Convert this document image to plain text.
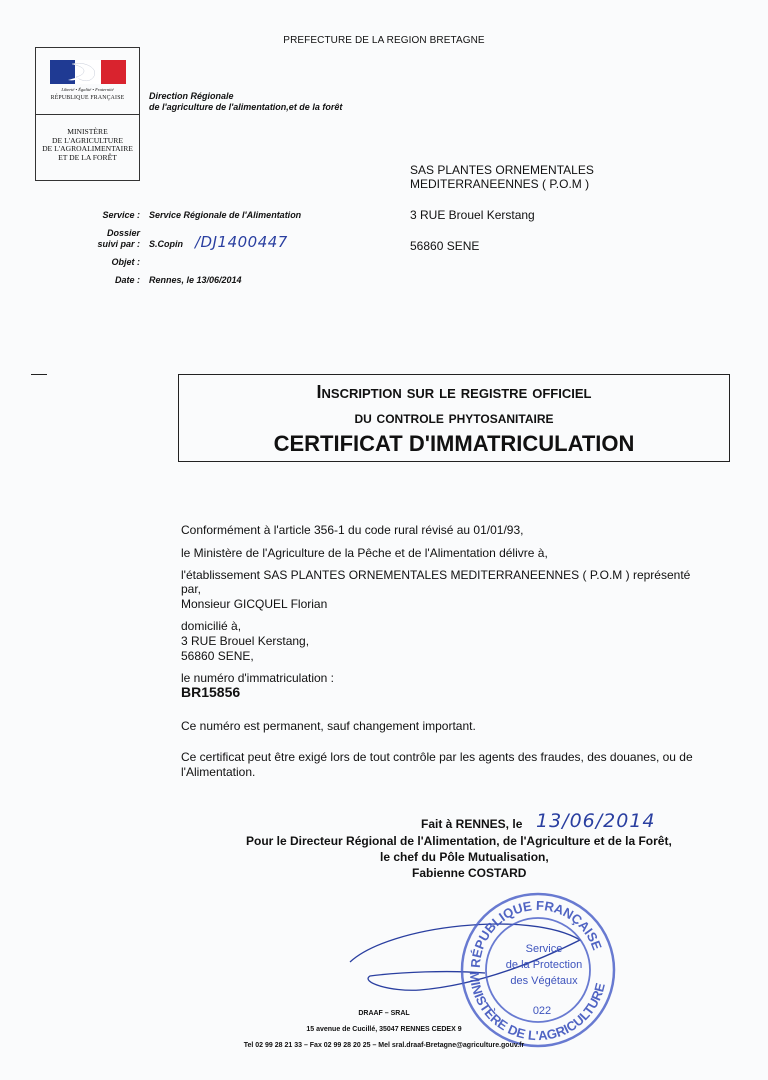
PREFECTURE DE LA REGION BRETAGNE
Liberté • Égalité • Fraternité
RÉPUBLIQUE FRANÇAISE
MINISTÈRE
DE L'AGRICULTURE
DE L'AGROALIMENTAIRE
ET DE LA FORÊT
Direction Régionale
de l'agriculture de l'alimentation,et de la forêt
SAS PLANTES ORNEMENTALES
MEDITERRANEENNES ( P.O.M )
3 RUE Brouel Kerstang
56860 SENE
Service : Service Régionale de l'Alimentation
Dossier
suivi par : S.Copin /DJ1400447
Objet :
Date : Rennes, le 13/06/2014
Inscription sur le registre officiel
du controle phytosanitaire
CERTIFICAT D'IMMATRICULATION
Conformément à l'article 356-1 du code rural révisé au 01/01/93,
le Ministère de l'Agriculture de la Pêche et de l'Alimentation délivre à,
l'établissement SAS PLANTES ORNEMENTALES MEDITERRANEENNES ( P.O.M ) représenté
par,
Monsieur GICQUEL Florian
domicilié à,
3 RUE Brouel Kerstang,
56860 SENE,
le numéro d'immatriculation :
BR15856
Ce numéro est permanent, sauf changement important.
Ce certificat peut être exigé lors de tout contrôle par les agents des fraudes, des douanes, ou de
l'Alimentation.
Fait à RENNES, le 13/06/2014
Pour le Directeur Régional de l'Alimentation, de l'Agriculture et de la Forêt,
le chef du Pôle Mutualisation,
Fabienne COSTARD
RÉPUBLIQUE FRANÇAISE
MINISTÈRE DE L'AGRICULTURE
Service
de la Protection
des Végétaux
022
DRAAF – SRAL
15 avenue de Cucillé, 35047 RENNES CEDEX 9
Tel 02 99 28 21 33 – Fax 02 99 28 20 25 – Mel sral.draaf-Bretagne@agriculture.gouv.fr
